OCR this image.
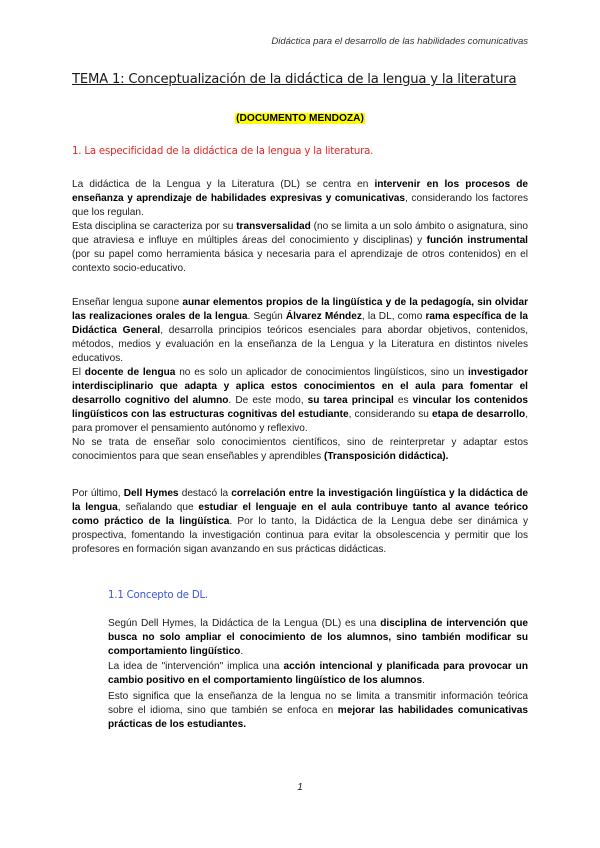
Didáctica para el desarrollo de las habilidades comunicativas
TEMA 1: Conceptualización de la didáctica de la lengua y la literatura
(DOCUMENTO MENDOZA)
1. La especificidad de la didáctica de la lengua y la literatura.
La didáctica de la Lengua y la Literatura (DL) se centra en intervenir en los procesos de enseñanza y aprendizaje de habilidades expresivas y comunicativas, considerando los factores que los regulan.
Esta disciplina se caracteriza por su transversalidad (no se limita a un solo ámbito o asignatura, sino que atraviesa e influye en múltiples áreas del conocimiento y disciplinas) y función instrumental (por su papel como herramienta básica y necesaria para el aprendizaje de otros contenidos) en el contexto socio-educativo.
Enseñar lengua supone aunar elementos propios de la lingüística y de la pedagogía, sin olvidar las realizaciones orales de la lengua. Según Álvarez Méndez, la DL, como rama específica de la Didáctica General, desarrolla principios teóricos esenciales para abordar objetivos, contenidos, métodos, medios y evaluación en la enseñanza de la Lengua y la Literatura en distintos niveles educativos.
El docente de lengua no es solo un aplicador de conocimientos lingüísticos, sino un investigador interdisciplinario que adapta y aplica estos conocimientos en el aula para fomentar el desarrollo cognitivo del alumno. De este modo, su tarea principal es vincular los contenidos lingüísticos con las estructuras cognitivas del estudiante, considerando su etapa de desarrollo, para promover el pensamiento autónomo y reflexivo.
No se trata de enseñar solo conocimientos científicos, sino de reinterpretar y adaptar estos conocimientos para que sean enseñables y aprendibles (Transposición didáctica).
Por último, Dell Hymes destacó la correlación entre la investigación lingüística y la didáctica de la lengua, señalando que estudiar el lenguaje en el aula contribuye tanto al avance teórico como práctico de la lingüística. Por lo tanto, la Didáctica de la Lengua debe ser dinámica y prospectiva, fomentando la investigación continua para evitar la obsolescencia y permitir que los profesores en formación sigan avanzando en sus prácticas didácticas.
1.1 Concepto de DL.
Según Dell Hymes, la Didáctica de la Lengua (DL) es una disciplina de intervención que busca no solo ampliar el conocimiento de los alumnos, sino también modificar su comportamiento lingüístico.
La idea de "intervención" implica una acción intencional y planificada para provocar un cambio positivo en el comportamiento lingüístico de los alumnos.
Esto significa que la enseñanza de la lengua no se limita a transmitir información teórica sobre el idioma, sino que también se enfoca en mejorar las habilidades comunicativas prácticas de los estudiantes.
1
